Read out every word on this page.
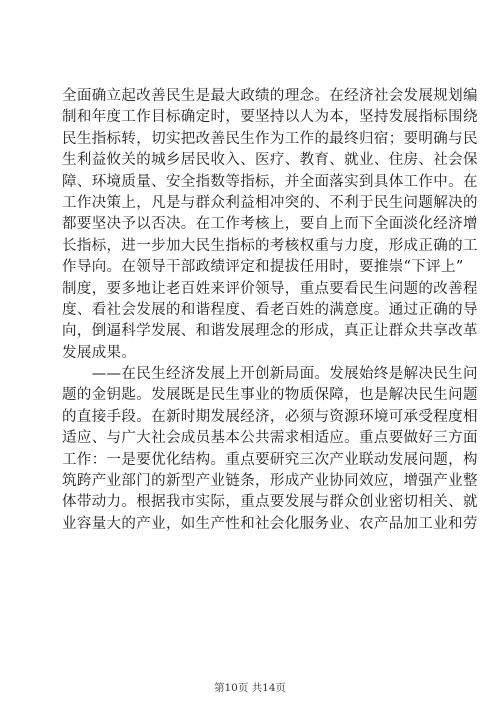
全面确立起改善民生是最大政绩的理念。在经济社会发展规划编
制和年度工作目标确定时，要坚持以人为本，坚持发展指标围绕
民生指标转，切实把改善民生作为工作的最终归宿；要明确与民
生利益攸关的城乡居民收入、医疗、教育、就业、住房、社会保
障、环境质量、安全指数等指标，并全面落实到具体工作中。在
工作决策上，凡是与群众利益相冲突的、不利于民生问题解决的
都要坚决予以否决。在工作考核上，要自上而下全面淡化经济增
长指标，进一步加大民生指标的考核权重与力度，形成正确的工
作导向。在领导干部政绩评定和提拔任用时，要推崇“下评上”
制度，要多地让老百姓来评价领导，重点要看民生问题的改善程
度、看社会发展的和谐程度、看老百姓的满意度。通过正确的导
向，倒逼科学发展、和谐发展理念的形成，真正让群众共享改革
发展成果。
　　——在民生经济发展上开创新局面。发展始终是解决民生问
题的金钥匙。发展既是民生事业的物质保障，也是解决民生问题
的直接手段。在新时期发展经济，必须与资源环境可承受程度相
适应、与广大社会成员基本公共需求相适应。重点要做好三方面
工作：一是要优化结构。重点要研究三次产业联动发展问题，构
筑跨产业部门的新型产业链条，形成产业协同效应，增强产业整
体带动力。根据我市实际，重点要发展与群众创业密切相关、就
业容量大的产业，如生产性和社会化服务业、农产品加工业和劳
第10页 共14页
